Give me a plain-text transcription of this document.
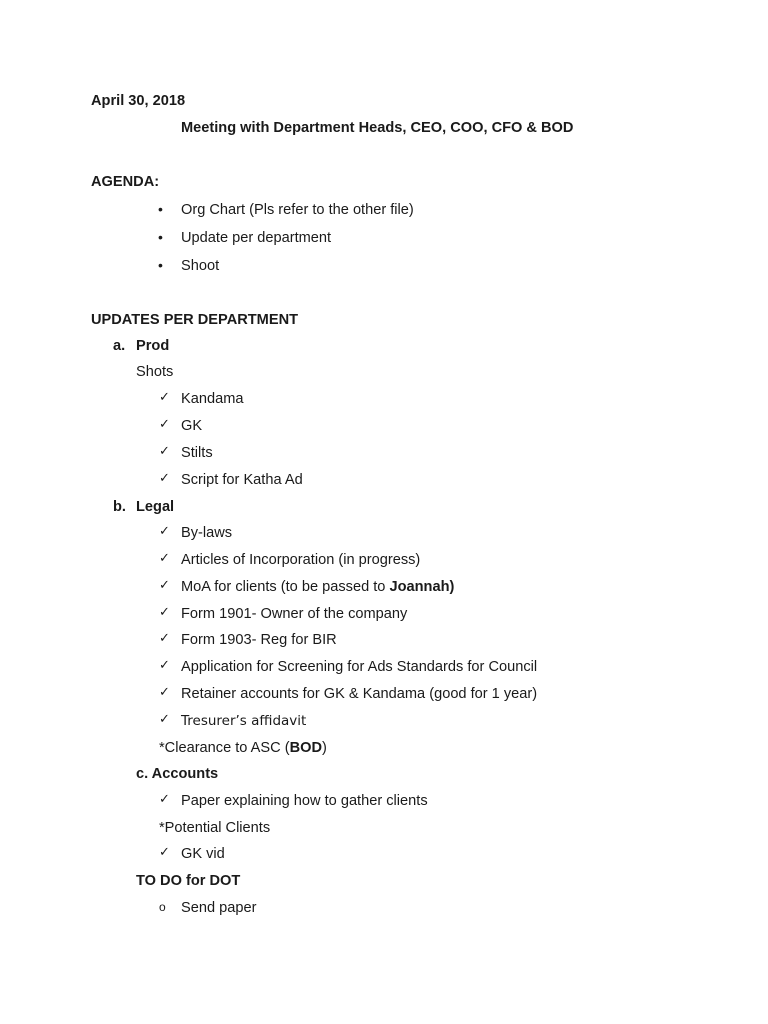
April 30, 2018
Meeting with Department Heads, CEO, COO, CFO & BOD
AGENDA:
•	Org Chart (Pls refer to the other file)
•	Update per department
•	Shoot
UPDATES PER DEPARTMENT
a. Prod
Shots
✓ Kandama
✓ GK
✓ Stilts
✓ Script for Katha Ad
b. Legal
✓ By-laws
✓ Articles of Incorporation (in progress)
✓ MoA for clients (to be passed to Joannah)
✓ Form 1901- Owner of the company
✓ Form 1903- Reg for BIR
✓ Application for Screening for Ads Standards for Council
✓ Retainer accounts for GK & Kandama (good for 1 year)
✓ Tresurer’s affidavit
*Clearance to ASC (BOD)
c. Accounts
✓ Paper explaining how to gather clients
*Potential Clients
✓ GK vid
TO DO for DOT
o	Send paper
